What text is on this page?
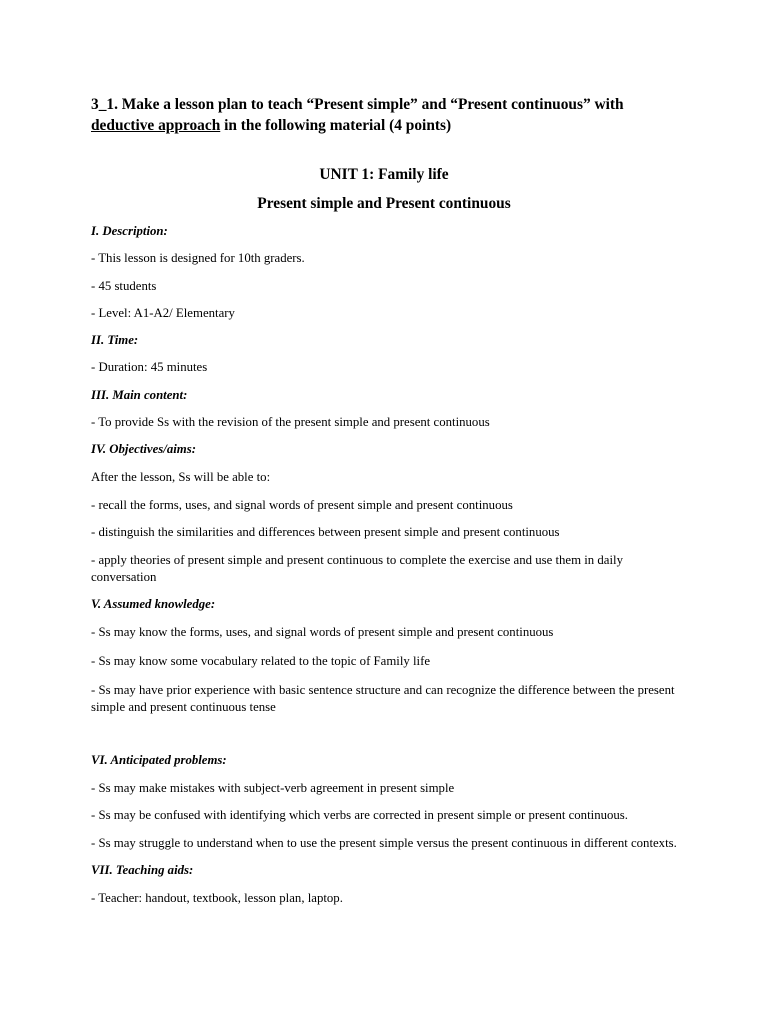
3_1. Make a lesson plan to teach “Present simple” and “Present continuous” with
deductive approach in the following material (4 points)
UNIT 1: Family life
Present simple and Present continuous
I. Description:
- This lesson is designed for 10th graders.
- 45 students
- Level: A1-A2/ Elementary
II. Time:
- Duration: 45 minutes
III. Main content:
- To provide Ss with the revision of the present simple and present continuous
IV. Objectives/aims:
After the lesson, Ss will be able to:
- recall the forms, uses, and signal words of present simple and present continuous
- distinguish the similarities and differences between present simple and present continuous
- apply theories of present simple and present continuous to complete the exercise and use them in daily conversation
V. Assumed knowledge:
- Ss may know the forms, uses, and signal words of present simple and present continuous
- Ss may know some vocabulary related to the topic of Family life
- Ss may have prior experience with basic sentence structure and can recognize the difference between the present simple and present continuous tense
VI. Anticipated problems:
- Ss may make mistakes with subject-verb agreement in present simple
- Ss may be confused with identifying which verbs are corrected in present simple or present continuous.
- Ss may struggle to understand when to use the present simple versus the present continuous in different contexts.
VII. Teaching aids:
- Teacher: handout, textbook, lesson plan, laptop.
